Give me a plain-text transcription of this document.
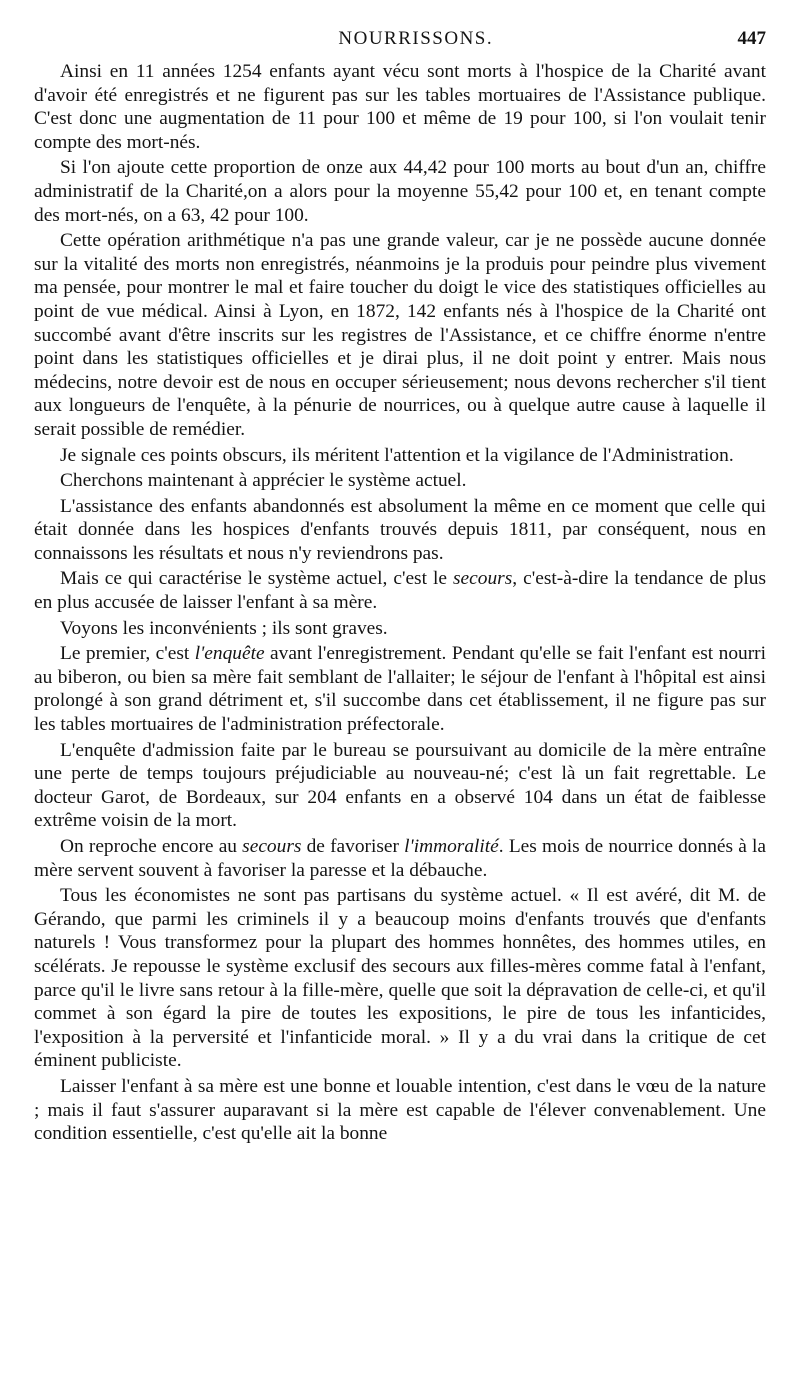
NOURRISSONS.	447

Ainsi en 11 années 1254 enfants ayant vécu sont morts à l'hospice de la Charité avant d'avoir été enregistrés et ne figurent pas sur les tables mortuaires de l'Assistance publique. C'est donc une augmentation de 11 pour 100 et même de 19 pour 100, si l'on voulait tenir compte des mort-nés.

Si l'on ajoute cette proportion de onze aux 44,42 pour 100 morts au bout d'un an, chiffre administratif de la Charité,on a alors pour la moyenne 55,42 pour 100 et, en tenant compte des mort-nés, on a 63, 42 pour 100.

Cette opération arithmétique n'a pas une grande valeur, car je ne possède aucune donnée sur la vitalité des morts non enregistrés, néanmoins je la produis pour peindre plus vivement ma pensée, pour montrer le mal et faire toucher du doigt le vice des statistiques officielles au point de vue médical. Ainsi à Lyon, en 1872, 142 enfants nés à l'hospice de la Charité ont succombé avant d'être inscrits sur les registres de l'Assistance, et ce chiffre énorme n'entre point dans les statistiques officielles et je dirai plus, il ne doit point y entrer. Mais nous médecins, notre devoir est de nous en occuper sérieusement; nous devons rechercher s'il tient aux longueurs de l'enquête, à la pénurie de nourrices, ou à quelque autre cause à laquelle il serait possible de remédier.

Je signale ces points obscurs, ils méritent l'attention et la vigilance de l'Administration.

Cherchons maintenant à apprécier le système actuel.

L'assistance des enfants abandonnés est absolument la même en ce moment que celle qui était donnée dans les hospices d'enfants trouvés depuis 1811, par conséquent, nous en connaissons les résultats et nous n'y reviendrons pas.

Mais ce qui caractérise le système actuel, c'est le secours, c'est-à-dire la tendance de plus en plus accusée de laisser l'enfant à sa mère.

Voyons les inconvénients ; ils sont graves.

Le premier, c'est l'enquête avant l'enregistrement. Pendant qu'elle se fait l'enfant est nourri au biberon, ou bien sa mère fait semblant de l'allaiter; le séjour de l'enfant à l'hôpital est ainsi prolongé à son grand détriment et, s'il succombe dans cet établissement, il ne figure pas sur les tables mortuaires de l'administration préfectorale.

L'enquête d'admission faite par le bureau se poursuivant au domicile de la mère entraîne une perte de temps toujours préjudiciable au nouveau-né; c'est là un fait regrettable. Le docteur Garot, de Bordeaux, sur 204 enfants en a observé 104 dans un état de faiblesse extrême voisin de la mort.

On reproche encore au secours de favoriser l'immoralité. Les mois de nourrice donnés à la mère servent souvent à favoriser la paresse et la débauche.

Tous les économistes ne sont pas partisans du système actuel. « Il est avéré, dit M. de Gérando, que parmi les criminels il y a beaucoup moins d'enfants trouvés que d'enfants naturels ! Vous transformez pour la plupart des hommes honnêtes, des hommes utiles, en scélérats. Je repousse le système exclusif des secours aux filles-mères comme fatal à l'enfant, parce qu'il le livre sans retour à la fille-mère, quelle que soit la dépravation de celle-ci, et qu'il commet à son égard la pire de toutes les expositions, le pire de tous les infanticides, l'exposition à la perversité et l'infanticide moral. » Il y a du vrai dans la critique de cet éminent publiciste.

Laisser l'enfant à sa mère est une bonne et louable intention, c'est dans le vœu de la nature ; mais il faut s'assurer auparavant si la mère est capable de l'élever convenablement. Une condition essentielle, c'est qu'elle ait la bonne
